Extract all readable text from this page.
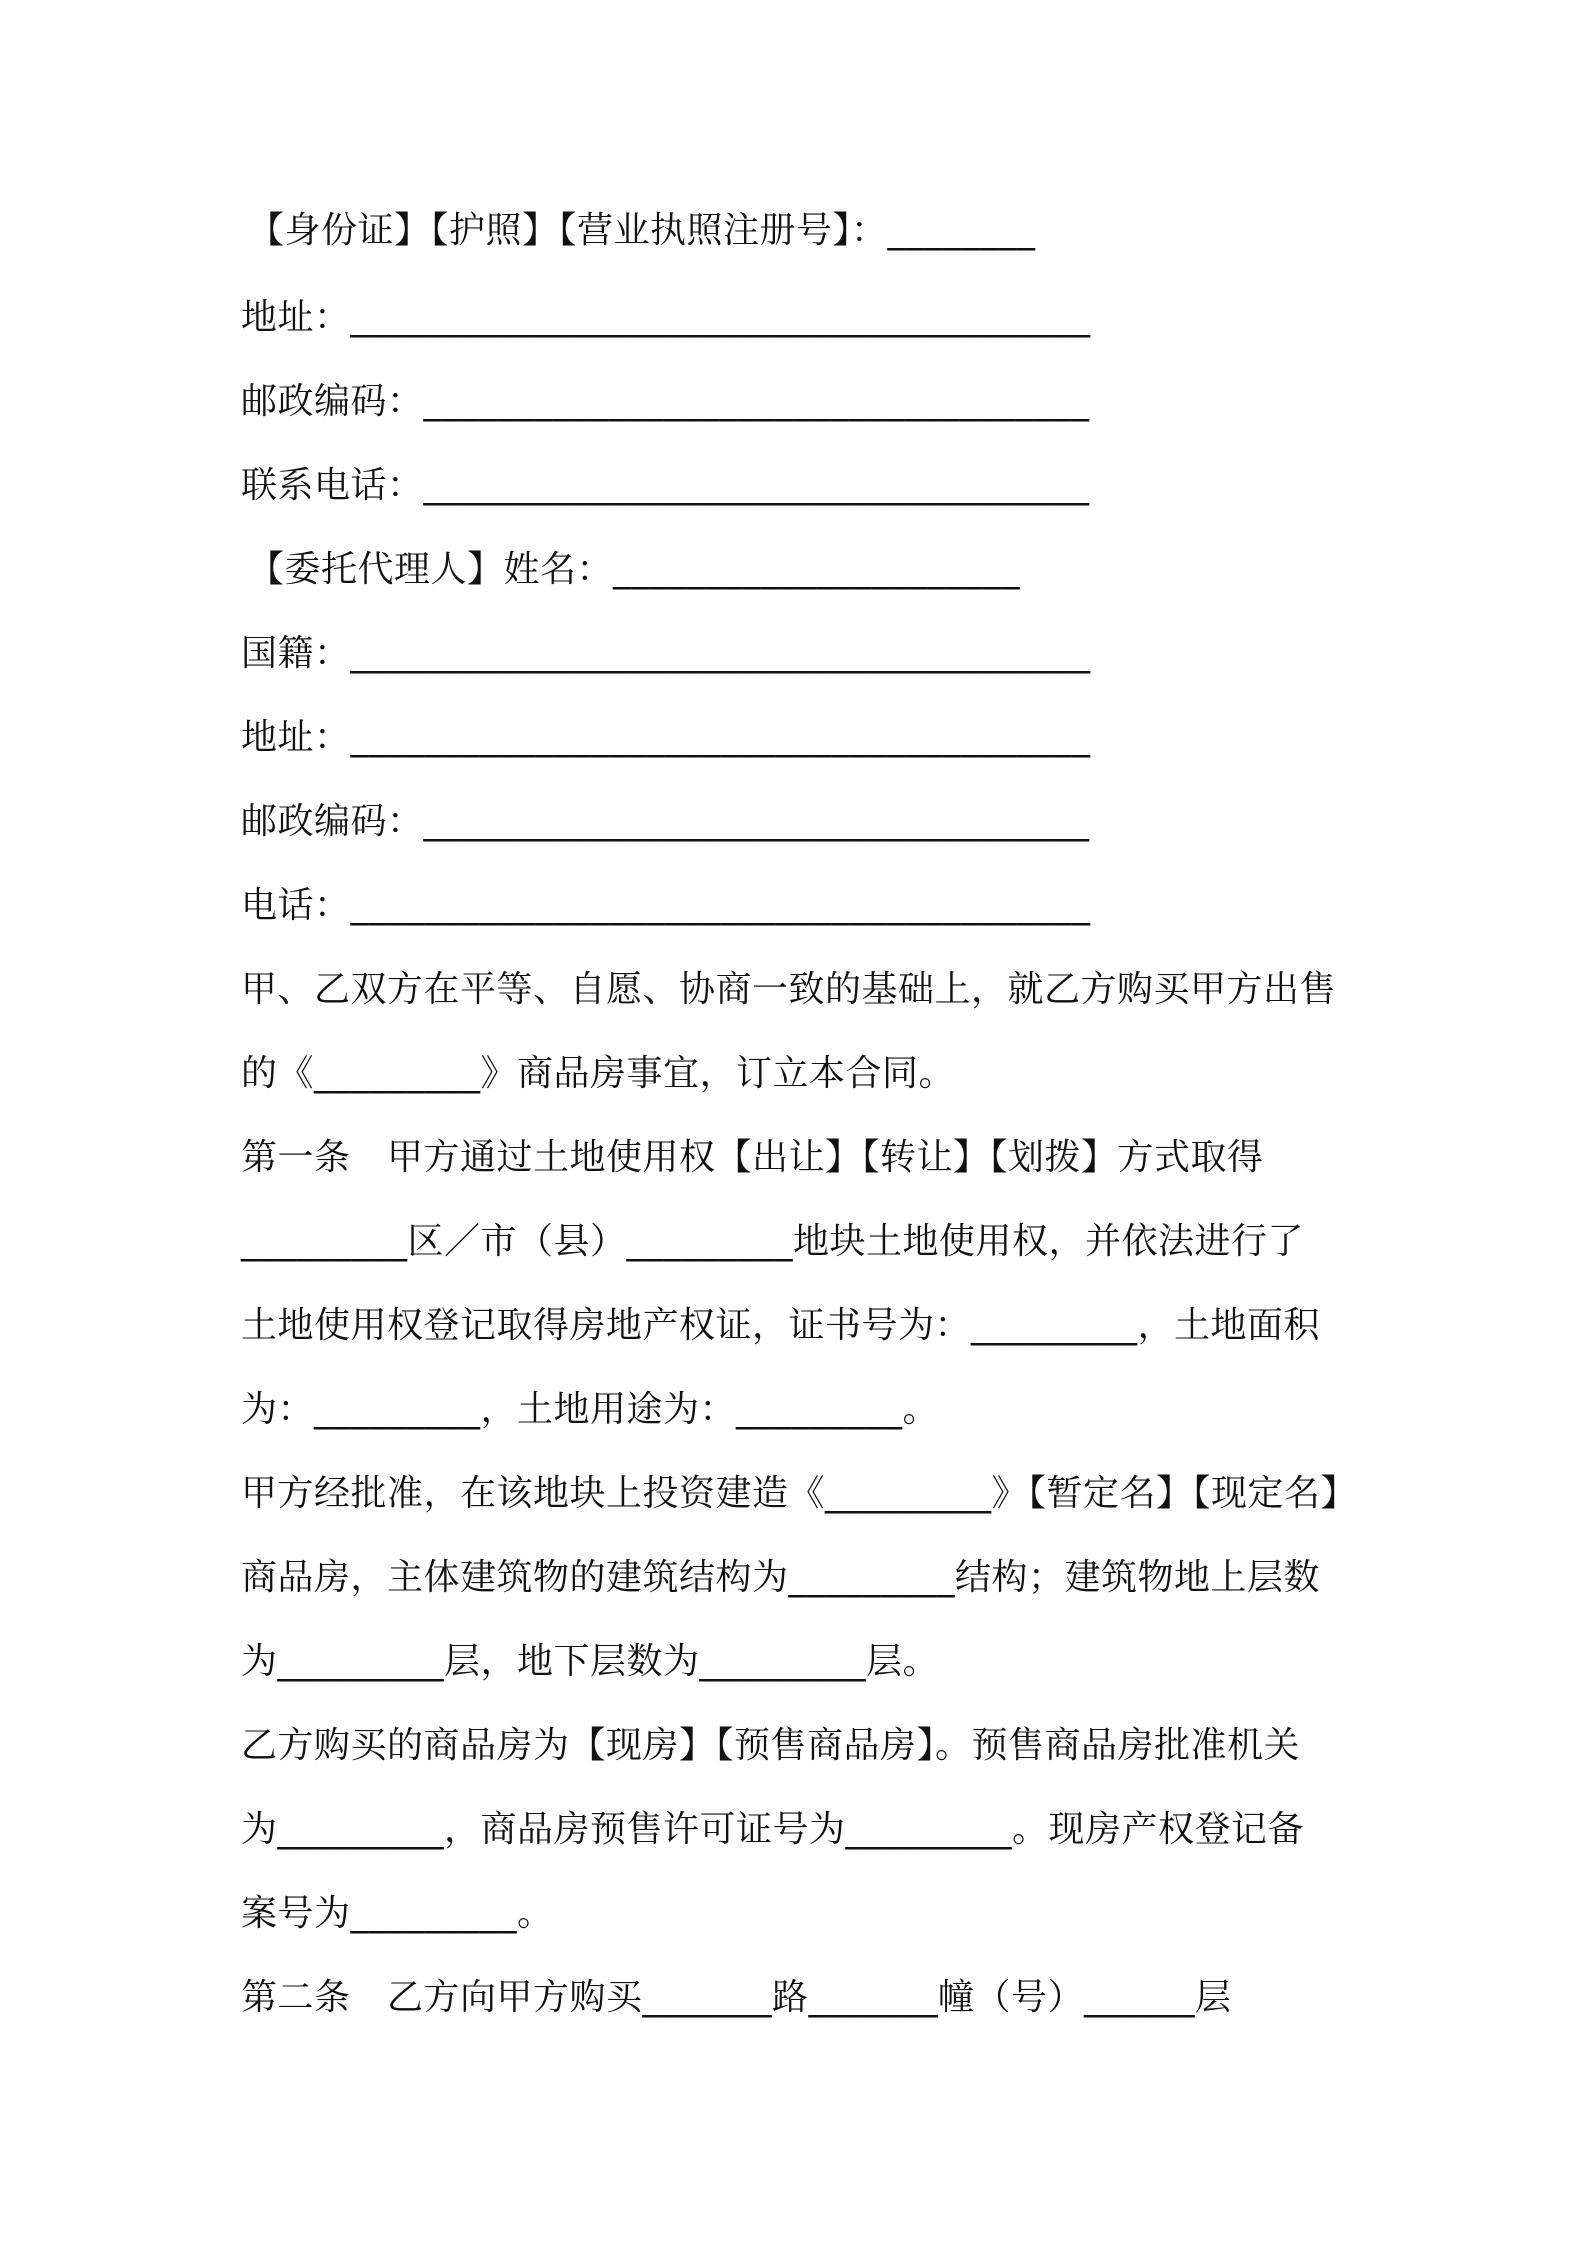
【身份证】【护照】【营业执照注册号】：________

地址：________________________________________

邮政编码：____________________________________

联系电话：____________________________________

【委托代理人】姓名：______________________

国籍：________________________________________

地址：________________________________________

邮政编码：____________________________________

电话：________________________________________

甲、乙双方在平等、自愿、协商一致的基础上，就乙方购买甲方出售

的《_________》商品房事宜，订立本合同。

第一条　甲方通过土地使用权【出让】【转让】【划拨】方式取得

_________区／市（县）_________地块土地使用权，并依法进行了

土地使用权登记取得房地产权证，证书号为：_________，土地面积

为：_________，土地用途为：_________。

甲方经批准，在该地块上投资建造《_________》【暂定名】【现定名】

商品房，主体建筑物的建筑结构为_________结构；建筑物地上层数

为_________层，地下层数为_________层。

乙方购买的商品房为【现房】【预售商品房】。预售商品房批准机关

为_________，商品房预售许可证号为_________。现房产权登记备

案号为_________。

第二条　乙方向甲方购买_______路_______幢（号）______层
